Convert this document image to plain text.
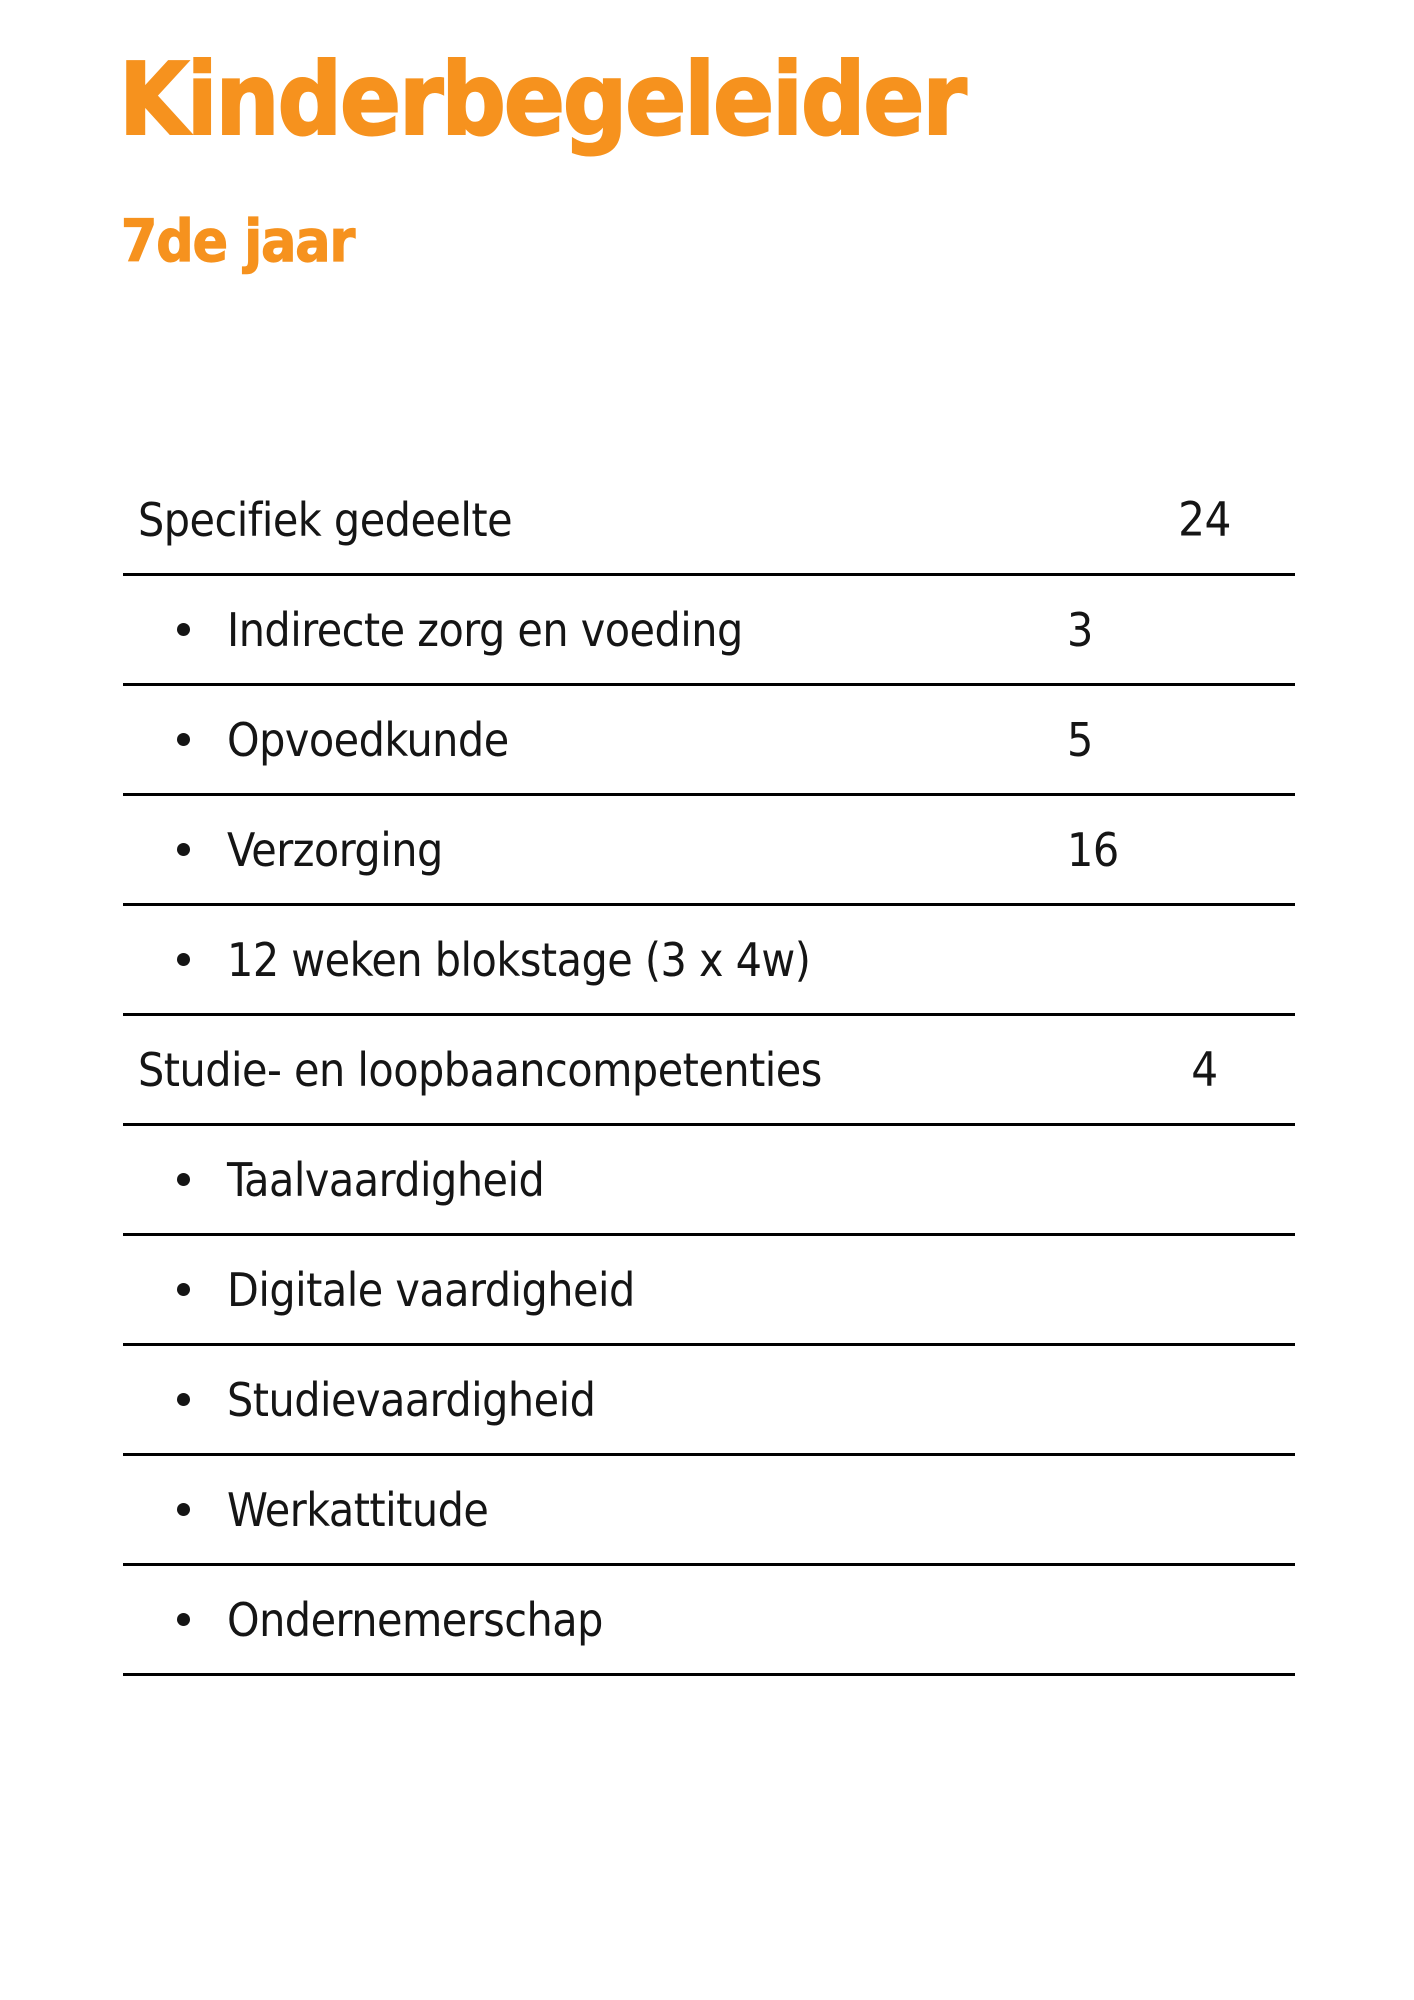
Kinderbegeleider
7de jaar
Specifiek gedeelte	24
Indirecte zorg en voeding	3
Opvoedkunde	5
Verzorging	16
12 weken blokstage (3 x 4w)
Studie- en loopbaancompetenties	4
Taalvaardigheid
Digitale vaardigheid
Studievaardigheid
Werkattitude
Ondernemerschap
